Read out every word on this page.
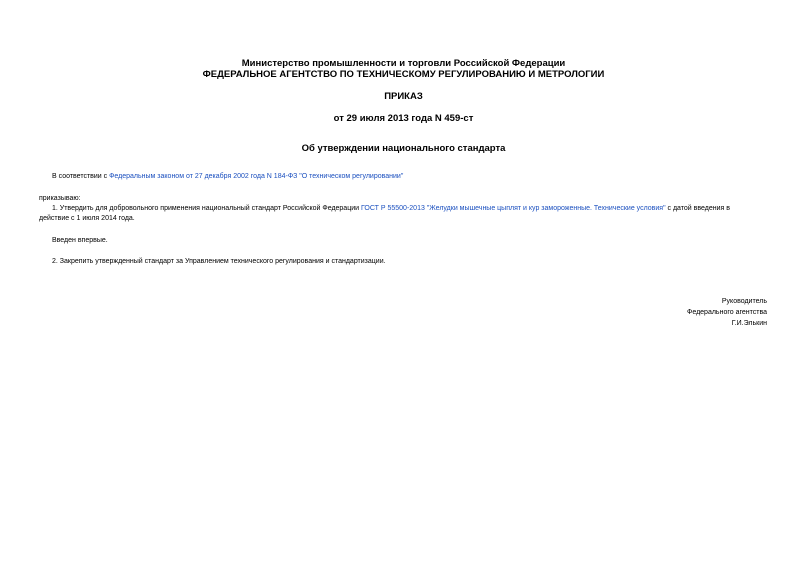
Министерство промышленности и торговли Российской Федерации
ФЕДЕРАЛЬНОЕ АГЕНТСТВО ПО ТЕХНИЧЕСКОМУ РЕГУЛИРОВАНИЮ И МЕТРОЛОГИИ
ПРИКАЗ
от 29 июля 2013 года N 459-ст
Об утверждении национального стандарта
В соответствии с Федеральным законом от 27 декабря 2002 года N 184-ФЗ "О техническом регулировании"
приказываю:
1. Утвердить для добровольного применения национальный стандарт Российской Федерации ГОСТ Р 55500-2013 "Желудки мышечные цыплят и кур замороженные. Технические условия" с датой введения в
действие с 1 июля 2014 года.
Введен впервые.
2. Закрепить утвержденный стандарт за Управлением технического регулирования и стандартизации.
Руководитель
Федерального агентства
Г.И.Элькин
